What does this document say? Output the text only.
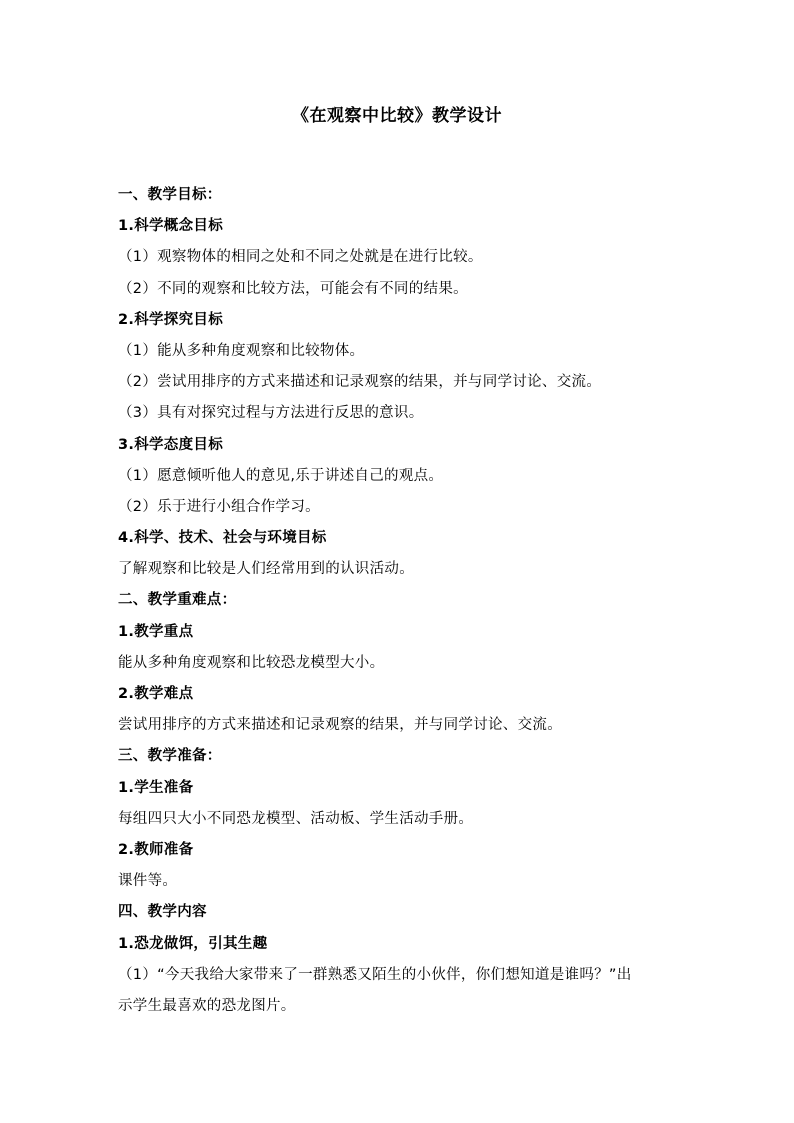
《在观察中比较》教学设计
一、教学目标：
1.科学概念目标
（1）观察物体的相同之处和不同之处就是在进行比较。
（2）不同的观察和比较方法，可能会有不同的结果。
2.科学探究目标
（1）能从多种角度观察和比较物体。
（2）尝试用排序的方式来描述和记录观察的结果，并与同学讨论、交流。
（3）具有对探究过程与方法进行反思的意识。
3.科学态度目标
（1）愿意倾听他人的意见,乐于讲述自己的观点。
（2）乐于进行小组合作学习。
4.科学、技术、社会与环境目标
了解观察和比较是人们经常用到的认识活动。
二、教学重难点：
1.教学重点
能从多种角度观察和比较恐龙模型大小。
2.教学难点
尝试用排序的方式来描述和记录观察的结果，并与同学讨论、交流。
三、教学准备：
1.学生准备
每组四只大小不同恐龙模型、活动板、学生活动手册。
2.教师准备
课件等。
四、教学内容
1.恐龙做饵，引其生趣
（1）“今天我给大家带来了一群熟悉又陌生的小伙伴，你们想知道是谁吗？”出
示学生最喜欢的恐龙图片。
